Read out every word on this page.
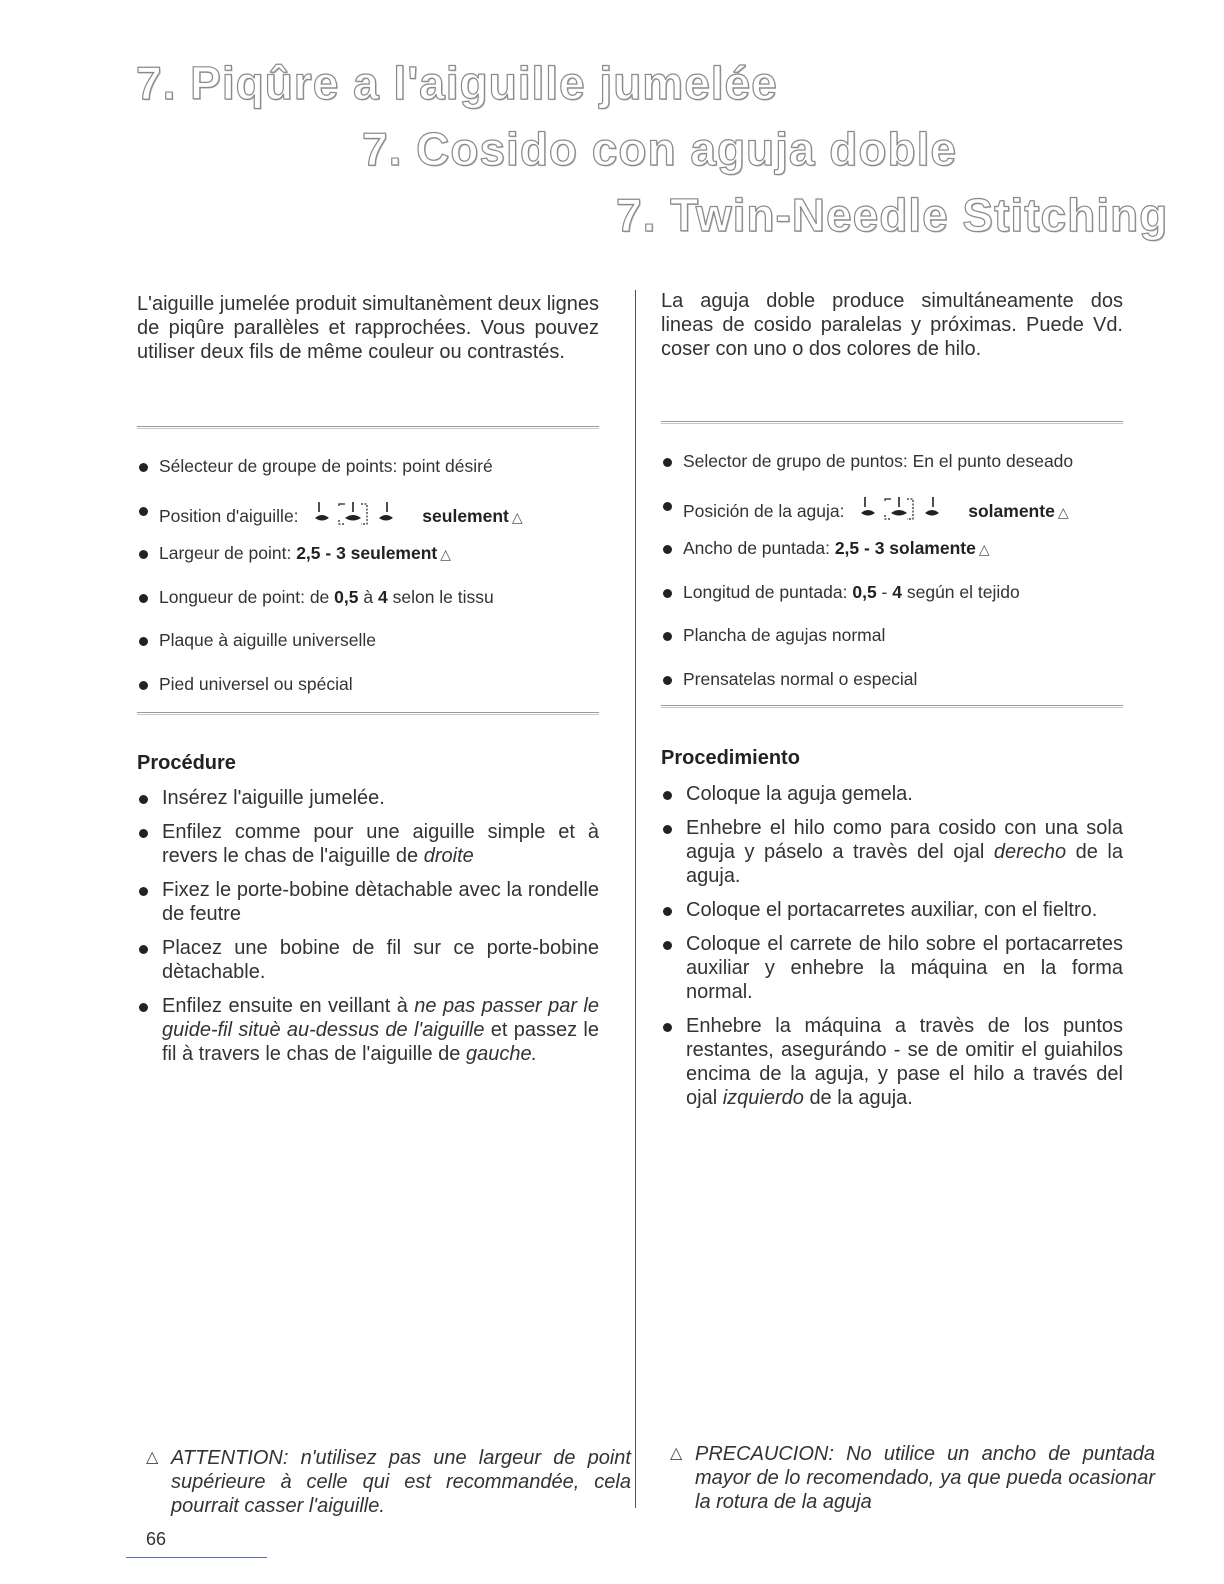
7. Piqûre a l'aiguille jumelée
7. Cosido con aguja doble
7. Twin-Needle Stitching

L'aiguille jumelée produit simultanèment deux lignes de piqûre parallèles et rapprochées. Vous pouvez utiliser deux fils de même couleur ou contrastés.

Sélecteur de groupe de points: point désiré
Position d'aiguille:	seulement △
Largeur de point: 2,5 - 3 seulement △
Longueur de point: de 0,5 à 4 selon le tissu
Plaque à aiguille universelle
Pied universel ou spécial
Procédure
Insérez l'aiguille jumelée.
Enfilez comme pour une aiguille simple et à revers le chas de l'aiguille de droite
Fixez le porte-bobine dètachable avec la rondelle de feutre
Placez une bobine de fil sur ce porte-bobine dètachable.
Enfilez ensuite en veillant à ne pas passer par le guide-fil situè au-dessus de l'aiguille et passez le fil à travers le chas de l'aiguille de gauche.

△ ATTENTION: n'utilisez pas une largeur de point supérieure à celle qui est recommandée, cela pourrait casser l'aiguille.

La aguja doble produce simultáneamente dos lineas de cosido paralelas y próximas. Puede Vd. coser con uno o dos colores de hilo.

Selector de grupo de puntos: En el punto deseado
Posición de la aguja:	solamente △
Ancho de puntada: 2,5 - 3 solamente △
Longitud de puntada: 0,5 - 4 según el tejido
Plancha de agujas normal
Prensatelas normal o especial
Procedimiento
Coloque la aguja gemela.
Enhebre el hilo como para cosido con una sola aguja y páselo a travès del ojal derecho de la aguja.
Coloque el portacarretes auxiliar, con el fieltro.
Coloque el carrete de hilo sobre el portacarretes auxiliar y enhebre la máquina en la forma normal.
Enhebre la máquina a travès de los puntos restantes, asegurándo - se de omitir el guiahilos encima de la aguja, y pase el hilo a través del ojal izquierdo de la aguja.

△ PRECAUCION: No utilice un ancho de puntada mayor de lo recomendado, ya que pueda ocasionar la rotura de la aguja

66
